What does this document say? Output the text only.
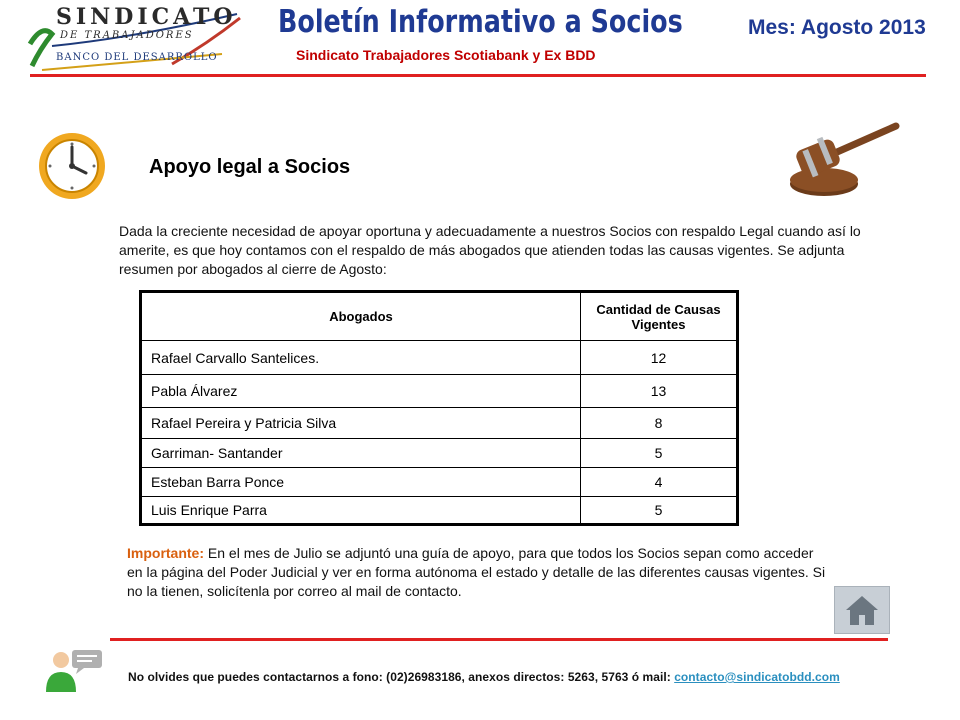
SINDICATO
DE TRABAJADORES
BANCO DEL DESARROLLO
Boletín Informativo a Socios
Sindicato Trabajadores Scotiabank y Ex BDD
Mes: Agosto 2013
Apoyo legal a Socios
Dada la creciente necesidad de apoyar oportuna y adecuadamente a nuestros Socios con respaldo Legal cuando así lo amerite, es que hoy contamos con el respaldo de más abogados que atienden todas las causas vigentes. Se adjunta resumen por abogados al cierre de Agosto:
Abogados	Cantidad de Causas Vigentes
Rafael Carvallo Santelices.	12
Pabla Álvarez	13
Rafael Pereira y Patricia Silva	8
Garriman- Santander	5
Esteban Barra Ponce	4
Luis Enrique Parra	5
Importante: En el mes de Julio se adjuntó una guía de apoyo, para que todos los Socios sepan como acceder en la página del Poder Judicial y ver en forma autónoma el estado y detalle de las diferentes causas vigentes. Si no la tienen, solicítenla por correo al mail de contacto.
No olvides que puedes contactarnos a fono: (02)26983186, anexos directos: 5263, 5763 ó mail: contacto@sindicatobdd.com
